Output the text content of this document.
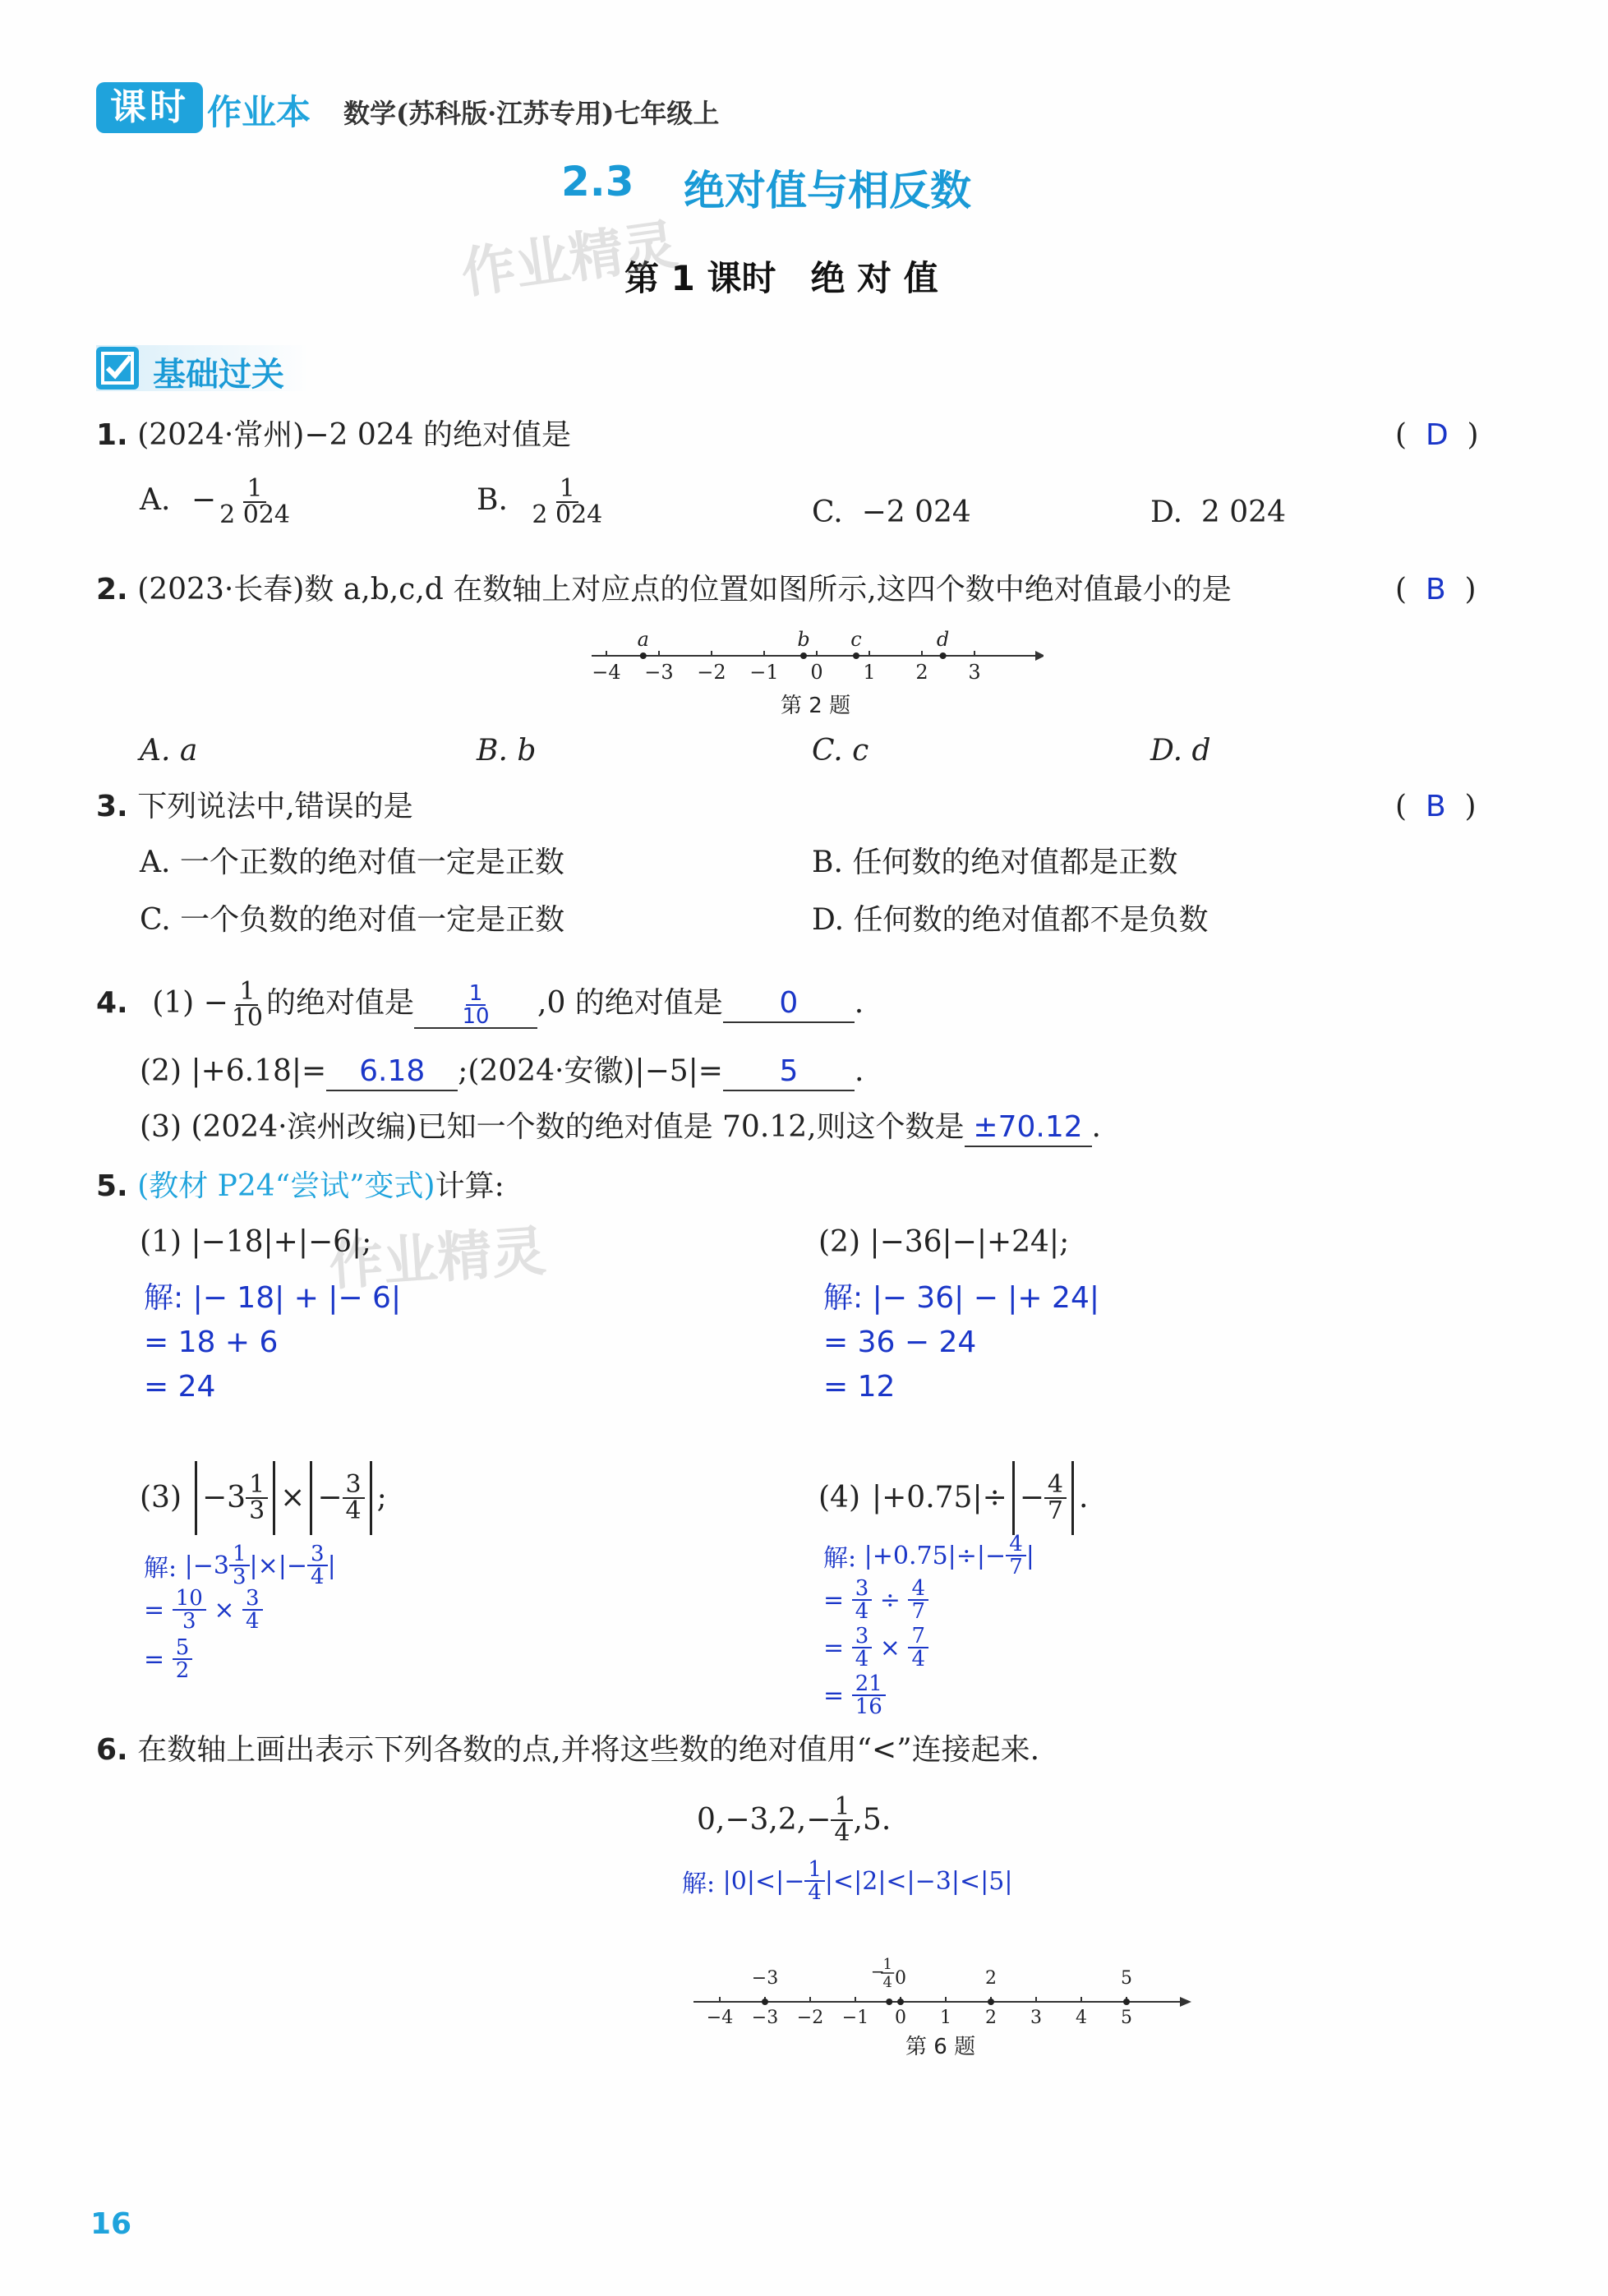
课时 作业本 数学(苏科版·江苏专用)七年级上
2.3 绝对值与相反数
第 1 课时　绝 对 值
作业精灵
作业精灵
基础过关
1. (2024·常州)−2 024 的绝对值是	(  D  )
A. − $\frac{1}{2 024}$	B. $\frac{1}{2 024}$	C. −2 024	D. 2 024
2. (2023·长春)数 a,b,c,d 在数轴上对应点的位置如图所示,这四个数中绝对值最小的是	(  B  )
−4 −3 −2 −1 0 1 2 3
a	b c	d
第 2 题
A. a	B. b	C. c	D. d
3. 下列说法中,错误的是	(  B  )
A. 一个正数的绝对值一定是正数	B. 任何数的绝对值都是正数
C. 一个负数的绝对值一定是正数	D. 任何数的绝对值都不是负数
4. $(1) - \frac{1}{10}$ 的绝对值是 $\frac{1}{10} ,0$ 的绝对值是 0 .
(2) |+6.18|= 6.18 ;(2024·安徽)|−5|= 5 .
(3) (2024·滨州改编)已知一个数的绝对值是 70.12,则这个数是 ±70.12 .
5. (教材 P24“尝试”变式)计算:
(1) |−18|+|−6|;
解: |− 18| + |− 6|
= 18 + 6
= 24
(2) |−36|−|+24|;
解: |− 36| − |+ 24|
= 36 − 24
= 12
$(3) -3 \frac{1}{3}$ × − $\frac{3}{4}$ ;
解: $|-3 \frac{1}{3}$ |×|− $\frac{3}{4}$ |
= $\frac{10}{3} \times \frac{3}{4}$
= $\frac{5}{2}$
(4) $|+0.75|\div - \frac{4}{7}$ .
解: $|+0.75|\div|- \frac{4}{7}$ |
= $\frac{3}{4} \div \frac{4}{7}$
= $\frac{3}{4} \times \frac{7}{4}$
= $\frac{21}{16}$
6. 在数轴上画出表示下列各数的点,并将这些数的绝对值用“<”连接起来.
$0,-3,2,- \frac{1}{4} ,5$.
解: $|0|<|- \frac{1}{4} |<|2|<|-3|<|5|$
−4 −3 −2 −1 0 1 2 3 4 5
−3	0	2	5
−
1
4
第 6 题
16
